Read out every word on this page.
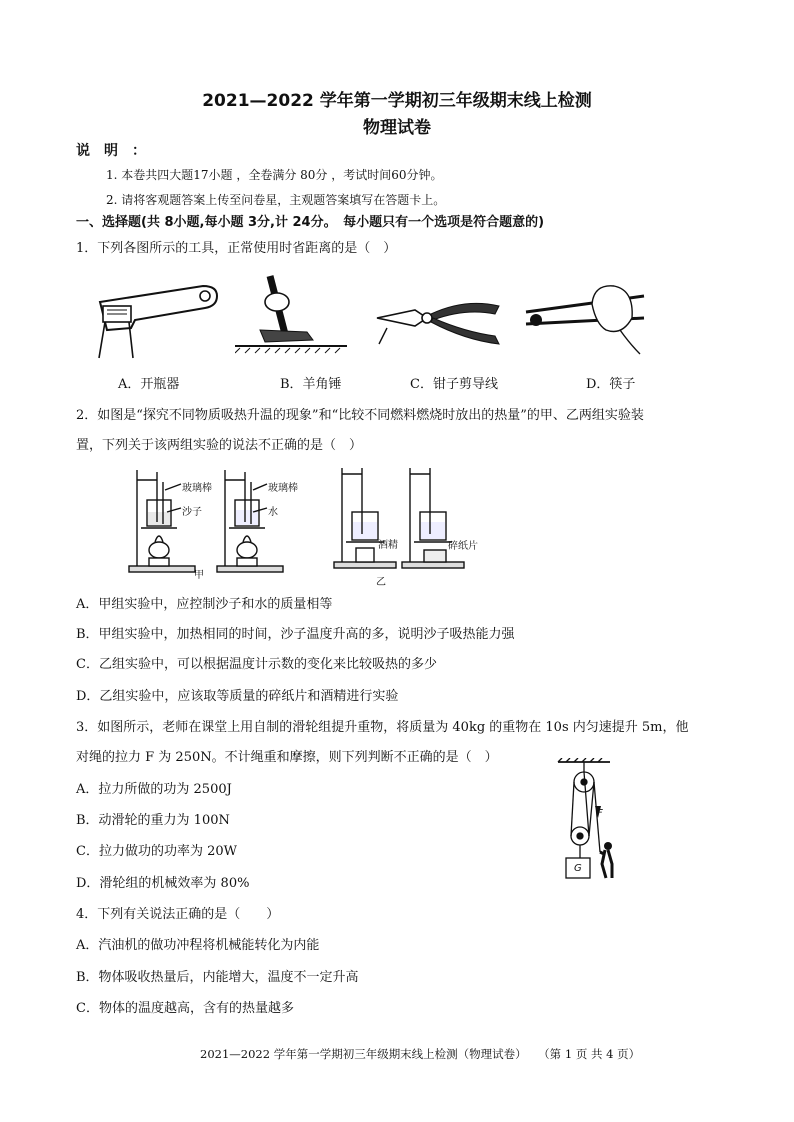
2021—2022 学年第一学期初三年级期末线上检测
物理试卷
说　明　：
1. 本卷共四大题17小题 ，全卷满分 80分 ，考试时间60分钟。
2. 请将客观题答案上传至问卷星，主观题答案填写在答题卡上。
一、选择题(共 8小题,每小题 3分,计 24分。　每小题只有一个选项是符合题意的)
1．下列各图所示的工具，正常使用时省距离的是（　）
A．开瓶器	B．羊角锤	C．钳子剪导线	D．筷子
2．如图是“探究不同物质吸热升温的现象”和“比较不同燃料燃烧时放出的热量”的甲、乙两组实验装
置，下列关于该两组实验的说法不正确的是（　）
玻璃棒
沙子
玻璃棒
水
甲
酒精	碎纸片
乙
A．甲组实验中，应控制沙子和水的质量相等
B．甲组实验中，加热相同的时间，沙子温度升高的多，说明沙子吸热能力强
C．乙组实验中，可以根据温度计示数的变化来比较吸热的多少
D．乙组实验中，应该取等质量的碎纸片和酒精进行实验
3．如图所示，老师在课堂上用自制的滑轮组提升重物，将质量为 40kg 的重物在 10s 内匀速提升 5m，他
对绳的拉力 F 为 250N。不计绳重和摩擦，则下列判断不正确的是（　）
F
G
A．拉力所做的功为 2500J
B．动滑轮的重力为 100N
C．拉力做功的功率为 20W
D．滑轮组的机械效率为 80%
4．下列有关说法正确的是（　　）
A．汽油机的做功冲程将机械能转化为内能
B．物体吸收热量后，内能增大，温度不一定升高
C．物体的温度越高，含有的热量越多
2021—2022 学年第一学期初三年级期末线上检测（物理试卷）　　（第 1 页 共 4 页）
